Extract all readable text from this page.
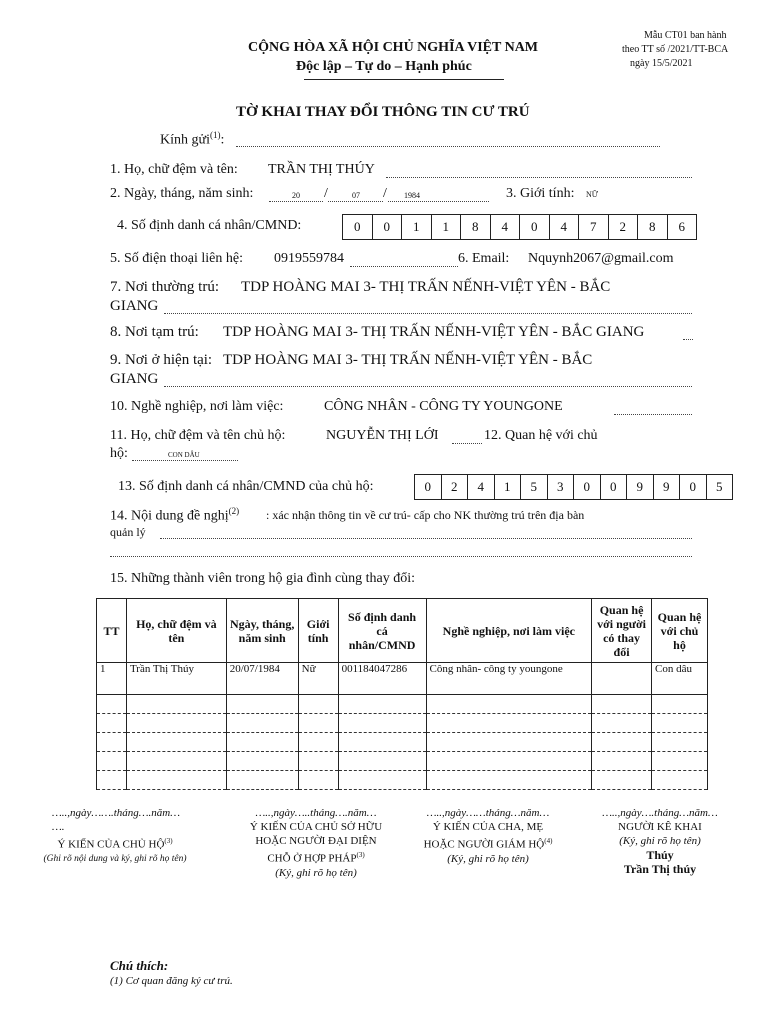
CỘNG HÒA XÃ HỘI CHỦ NGHĨA VIỆT NAM
Độc lập – Tự do – Hạnh phúc
Mẫu CT01 ban hành
theo TT số /2021/TT-BCA
ngày 15/5/2021
TỜ KHAI THAY ĐỔI THÔNG TIN CƯ TRÚ
Kính gửi$^{(1)}$:
1. Họ, chữ đệm và tên: TRẦN THỊ THÚY
2. Ngày, tháng, năm sinh:	20 /	07 / 1984	3. Giới tính: NỮ
4. Số định danh cá nhân/CMND:	0	0	1	1	8	4	0	4	7	2	8	6
5. Số điện thoại liên hệ: 0919559784	6. Email: Nquynh2067@gmail.com
7. Nơi thường trú: TDP HOÀNG MAI 3- THỊ TRẤN NẾNH-VIỆT YÊN - BẮC
GIANG
8. Nơi tạm trú: TDP HOÀNG MAI 3- THỊ TRẤN NẾNH-VIỆT YÊN - BẮC GIANG
9. Nơi ở hiện tại: TDP HOÀNG MAI 3- THỊ TRẤN NẾNH-VIỆT YÊN - BẮC
GIANG
10. Nghề nghiệp, nơi làm việc:	CÔNG NHÂN - CÔNG TY YOUNGONE
11. Họ, chữ đệm và tên chủ hộ:	NGUYỄN THỊ LỚI	12. Quan hệ với chủ
hộ:	CON DÂU
13. Số định danh cá nhân/CMND của chủ hộ:	0	2	4	1	5	3	0	0	9	9	0	5
14. Nội dung đề nghị$^{(2)}$ : xác nhận thông tin về cư trú- cấp cho NK thường trú trên địa bàn
quản lý
15. Những thành viên trong hộ gia đình cùng thay đổi:
TT	Họ, chữ đệm và tên	Ngày, tháng, năm sinh	Giới tính	Số định danh cá nhân/CMND	Nghề nghiệp, nơi làm việc	Quan hệ với người có thay đổi	Quan hệ với chủ hộ
1	Trần Thị Thúy	20/07/1984	Nữ	001184047286	Công nhân- công ty youngone		Con dâu

…..,ngày…….tháng….năm…
….
Ý KIẾN CỦA CHỦ HỘ$^{(3)}$
(Ghi rõ nội dung và ký, ghi rõ họ tên)
…..,ngày…..tháng….năm…
Ý KIẾN CỦA CHỦ SỞ HỮU
HOẶC NGƯỜI ĐẠI DIỆN
CHỖ Ở HỢP PHÁP$^{(3)}$
(Ký, ghi rõ họ tên)
…..,ngày……tháng…năm…
Ý KIẾN CỦA CHA, MẸ
HOẶC NGƯỜI GIÁM HỘ$^{(4)}$
(Ký, ghi rõ họ tên)
…..,ngày….tháng…năm…
NGƯỜI KÊ KHAI
(Ký, ghi rõ họ tên)
Thúy
Trần Thị thúy
Chú thích:
(1) Cơ quan đăng ký cư trú.
